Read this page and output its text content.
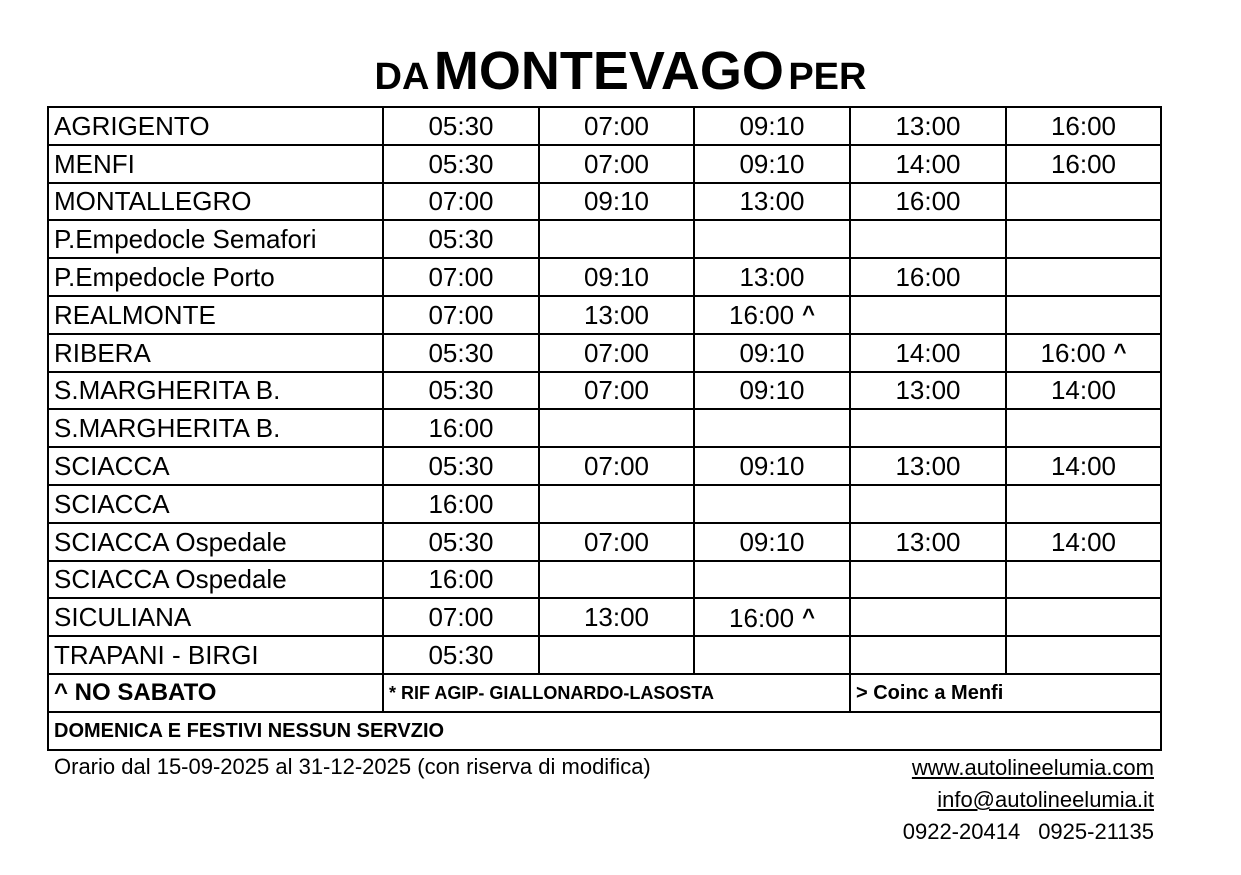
DA MONTEVAGO PER
AGRIGENTO	05:30	07:00	09:10	13:00	16:00
MENFI	05:30	07:00	09:10	14:00	16:00
MONTALLEGRO	07:00	09:10	13:00	16:00	
P.Empedocle Semafori	05:30				
P.Empedocle Porto	07:00	09:10	13:00	16:00	
REALMONTE	07:00	13:00	16:00 ^		
RIBERA	05:30	07:00	09:10	14:00	16:00 ^
S.MARGHERITA B.	05:30	07:00	09:10	13:00	14:00
S.MARGHERITA B.	16:00				
SCIACCA	05:30	07:00	09:10	13:00	14:00
SCIACCA	16:00				
SCIACCA Ospedale	05:30	07:00	09:10	13:00	14:00
SCIACCA Ospedale	16:00				
SICULIANA	07:00	13:00	16:00 ^		
TRAPANI - BIRGI	05:30				
^ NO SABATO	* RIF AGIP- GIALLONARDO-LASOSTA			> Coinc a Menfi	
DOMENICA E FESTIVI NESSUN SERVZIO					
Orario dal 15-09-2025 al 31-12-2025 (con riserva di modifica)	www.autolineelumia.com
info@autolineelumia.it
0922-20414 0925-21135
